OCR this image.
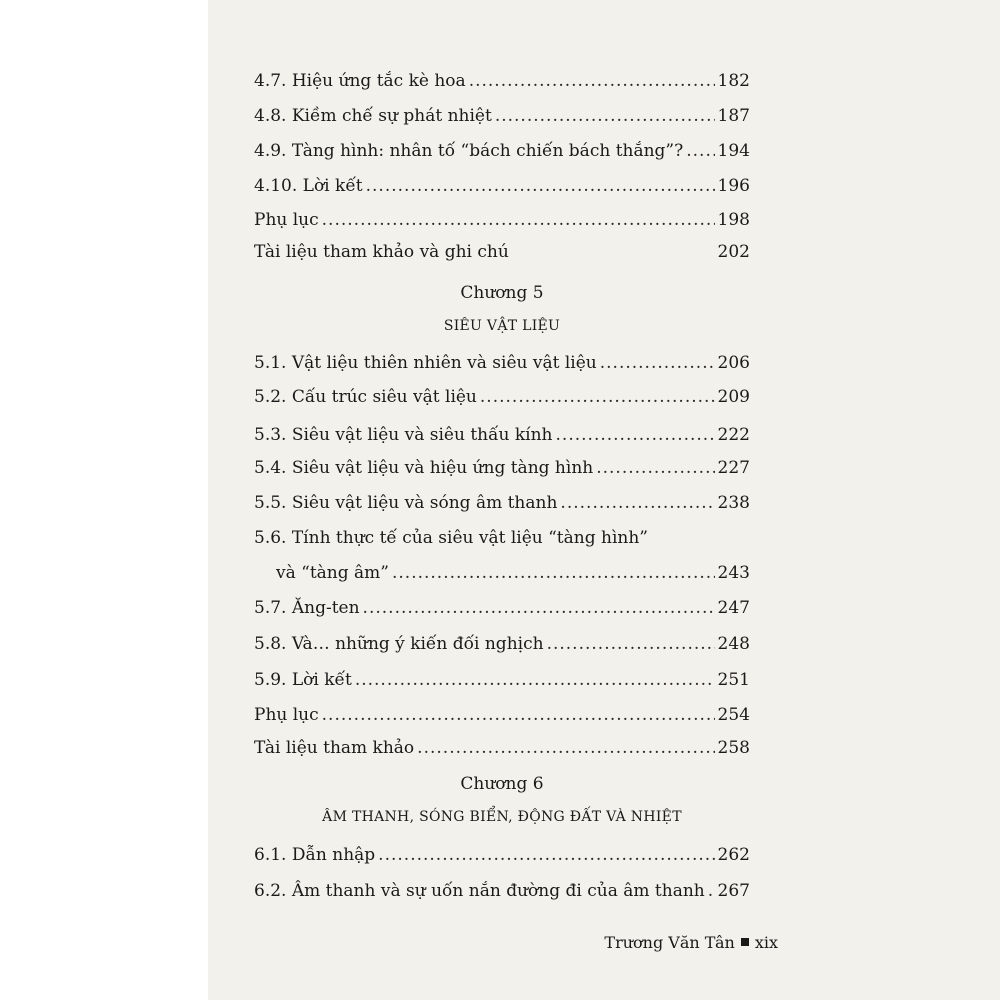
4.7. Hiệu ứng tắc kè hoa .....	182
4.8. Kiềm chế sự phát nhiệt .....	187
4.9. Tàng hình: nhân tố “bách chiến bách thắng”? ..... 194
4.10. Lời kết .....	196
Phụ lục .....	198
Tài liệu tham khảo và ghi chú	202
Chương 5
SIÊU VẬT LIỆU
5.1. Vật liệu thiên nhiên và siêu vật liệu .....	206
5.2. Cấu trúc siêu vật liệu .....	209
5.3. Siêu vật liệu và siêu thấu kính .....	222
5.4. Siêu vật liệu và hiệu ứng tàng hình .....	227
5.5. Siêu vật liệu và sóng âm thanh .....	238
5.6. Tính thực tế của siêu vật liệu “tàng hình”
và “tàng âm” .....	243
5.7. Ăng-ten .....	247
5.8. Và… những ý kiến đối nghịch .....	248
5.9. Lời kết .....	251
Phụ lục .....	254
Tài liệu tham khảo .....	258
Chương 6
ÂM THANH, SÓNG BIỂN, ĐỘNG ĐẤT VÀ NHIỆT
6.1. Dẫn nhập .....	262
6.2. Âm thanh và sự uốn nắn đường đi của âm thanh ..... 267
Trương Văn Tân xix
